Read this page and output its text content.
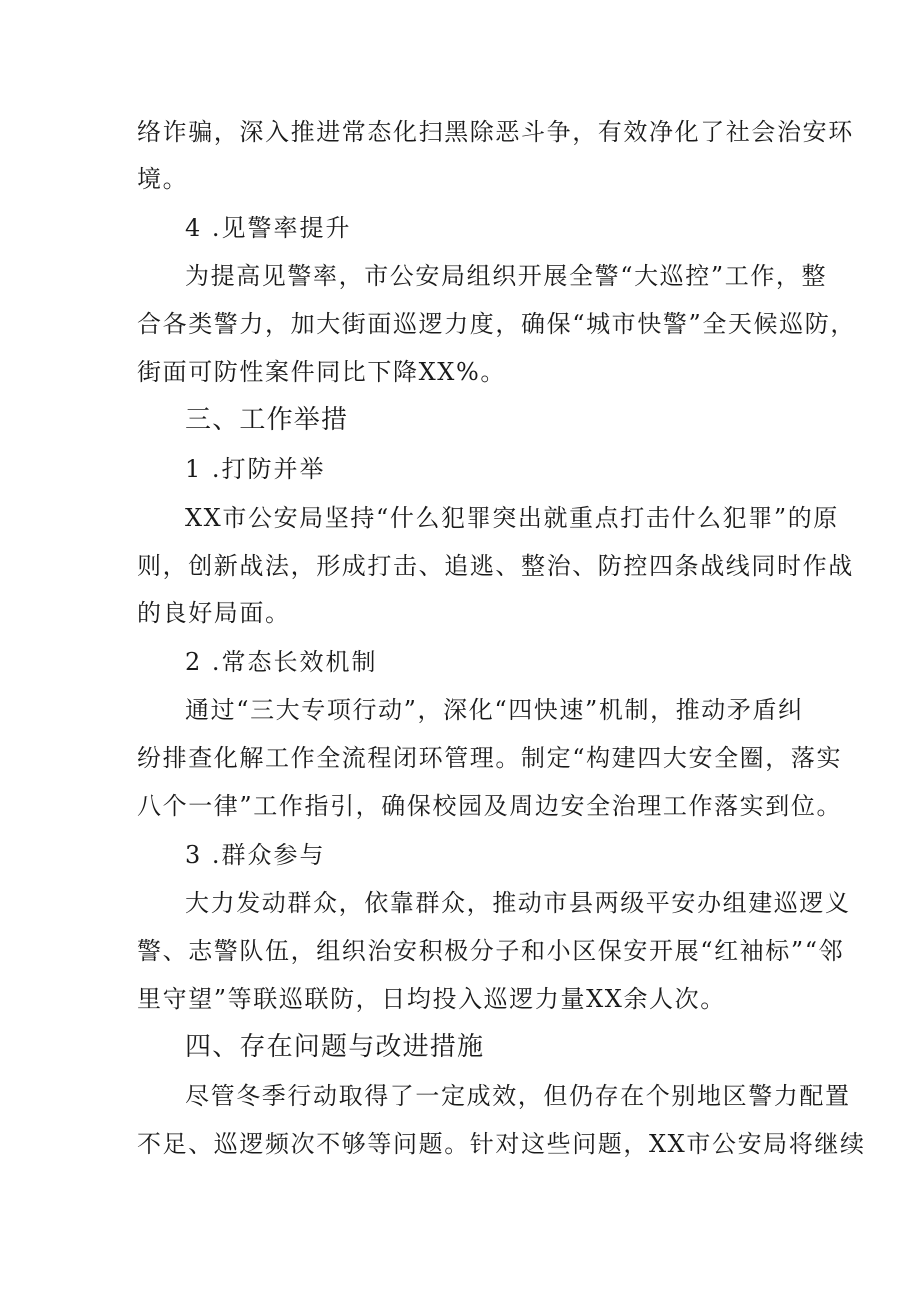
络诈骗，深入推进常态化扫黑除恶斗争，有效净化了社会治安环
境。
4 .见警率提升
为提高见警率，市公安局组织开展全警“大巡控”工作，整
合各类警力，加大街面巡逻力度，确保“城市快警”全天候巡防，
街面可防性案件同比下降XX%。
三、工作举措
1 .打防并举
XX市公安局坚持“什么犯罪突出就重点打击什么犯罪”的原
则，创新战法，形成打击、追逃、整治、防控四条战线同时作战
的良好局面。
2 .常态长效机制
通过“三大专项行动”，深化“四快速”机制，推动矛盾纠
纷排查化解工作全流程闭环管理。制定“构建四大安全圈，落实
八个一律”工作指引，确保校园及周边安全治理工作落实到位。
3 .群众参与
大力发动群众，依靠群众，推动市县两级平安办组建巡逻义
警、志警队伍，组织治安积极分子和小区保安开展“红袖标”“邻
里守望”等联巡联防，日均投入巡逻力量XX余人次。
四、存在问题与改进措施
尽管冬季行动取得了一定成效，但仍存在个别地区警力配置
不足、巡逻频次不够等问题。针对这些问题，XX市公安局将继续
